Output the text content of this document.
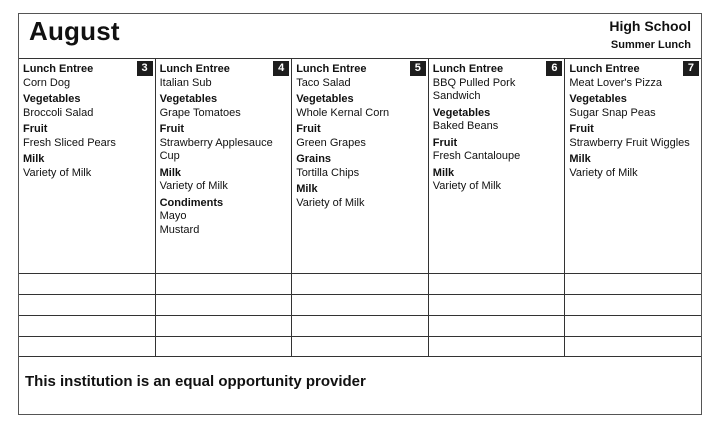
August	High School
Summer Lunch
3
Lunch Entree
Corn Dog
Vegetables
Broccoli Salad
Fruit
Fresh Sliced Pears
Milk
Variety of Milk
4
Lunch Entree
Italian Sub
Vegetables
Grape Tomatoes
Fruit
Strawberry Applesauce Cup
Milk
Variety of Milk
Condiments
Mayo
Mustard
5
Lunch Entree
Taco Salad
Vegetables
Whole Kernal Corn
Fruit
Green Grapes
Grains
Tortilla Chips
Milk
Variety of Milk
6
Lunch Entree
BBQ Pulled Pork Sandwich
Vegetables
Baked Beans
Fruit
Fresh Cantaloupe
Milk
Variety of Milk
7
Lunch Entree
Meat Lover's Pizza
Vegetables
Sugar Snap Peas
Fruit
Strawberry Fruit Wiggles
Milk
Variety of Milk
This institution is an equal opportunity provider
